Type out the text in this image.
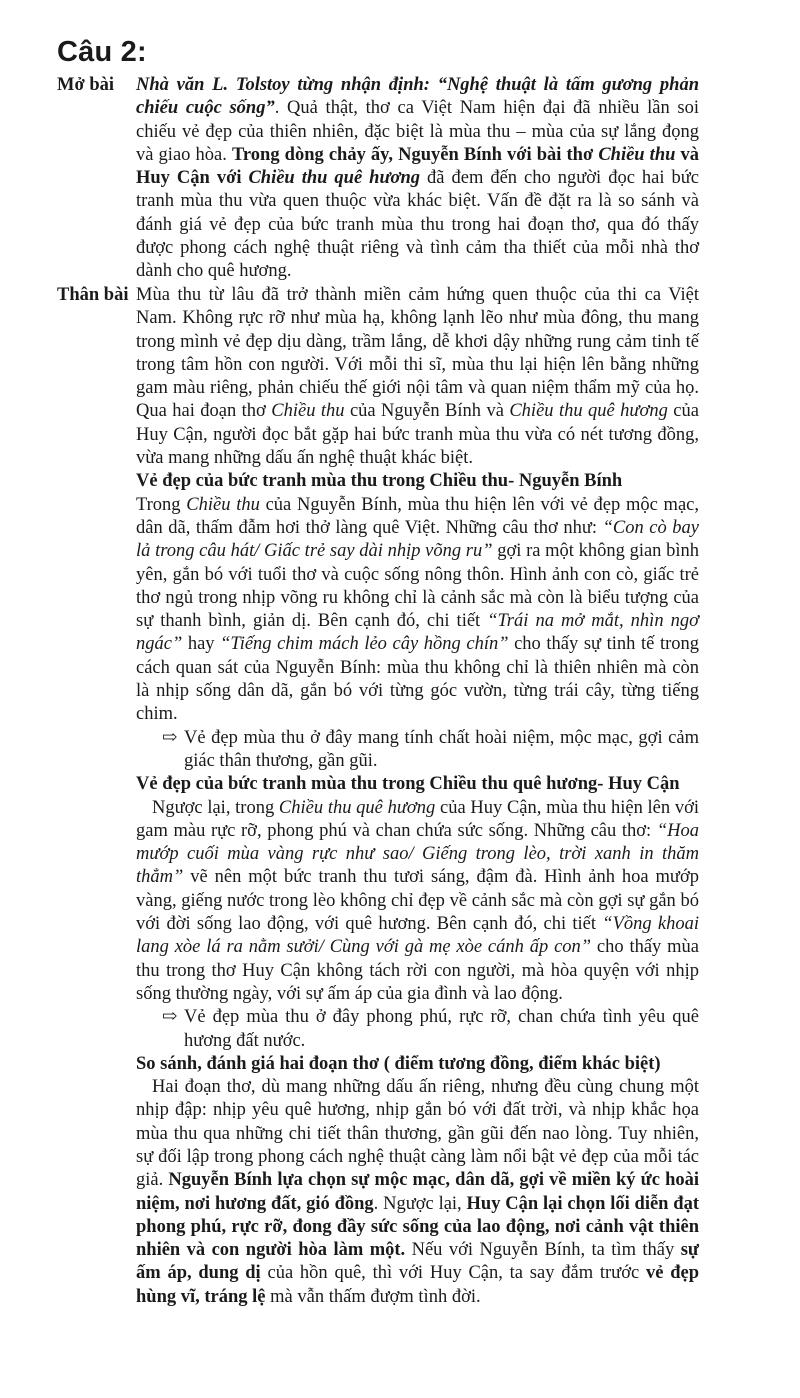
Câu 2:
Mở bài Nhà văn L. Tolstoy từng nhận định: “Nghệ thuật là tấm gương phản chiếu cuộc sống”. Quả thật, thơ ca Việt Nam hiện đại đã nhiều lần soi chiếu vẻ đẹp của thiên nhiên, đặc biệt là mùa thu – mùa của sự lắng đọng và giao hòa. Trong dòng chảy ấy, Nguyễn Bính với bài thơ Chiều thu và Huy Cận với Chiều thu quê hương đã đem đến cho người đọc hai bức tranh mùa thu vừa quen thuộc vừa khác biệt. Vấn đề đặt ra là so sánh và đánh giá vẻ đẹp của bức tranh mùa thu trong hai đoạn thơ, qua đó thấy được phong cách nghệ thuật riêng và tình cảm tha thiết của mỗi nhà thơ dành cho quê hương.

Thân bài Mùa thu từ lâu đã trở thành miền cảm hứng quen thuộc của thi ca Việt Nam. Không rực rỡ như mùa hạ, không lạnh lẽo như mùa đông, thu mang trong mình vẻ đẹp dịu dàng, trầm lắng, dễ khơi dậy những rung cảm tinh tế trong tâm hồn con người. Với mỗi thi sĩ, mùa thu lại hiện lên bằng những gam màu riêng, phản chiếu thế giới nội tâm và quan niệm thẩm mỹ của họ. Qua hai đoạn thơ Chiều thu của Nguyễn Bính và Chiều thu quê hương của Huy Cận, người đọc bắt gặp hai bức tranh mùa thu vừa có nét tương đồng, vừa mang những dấu ấn nghệ thuật khác biệt.

Vẻ đẹp của bức tranh mùa thu trong Chiều thu- Nguyễn Bính

Trong Chiều thu của Nguyễn Bính, mùa thu hiện lên với vẻ đẹp mộc mạc, dân dã, thấm đẫm hơi thở làng quê Việt. Những câu thơ như: “Con cò bay lả trong câu hát/ Giấc trẻ say dài nhịp võng ru” gợi ra một không gian bình yên, gắn bó với tuổi thơ và cuộc sống nông thôn. Hình ảnh con cò, giấc trẻ thơ ngủ trong nhịp võng ru không chỉ là cảnh sắc mà còn là biểu tượng của sự thanh bình, giản dị. Bên cạnh đó, chi tiết “Trái na mở mắt, nhìn ngơ ngác” hay “Tiếng chim mách lẻo cây hồng chín” cho thấy sự tinh tế trong cách quan sát của Nguyễn Bính: mùa thu không chỉ là thiên nhiên mà còn là nhịp sống dân dã, gắn bó với từng góc vườn, từng trái cây, từng tiếng chim.

⇨ Vẻ đẹp mùa thu ở đây mang tính chất hoài niệm, mộc mạc, gợi cảm giác thân thương, gần gũi.

Vẻ đẹp của bức tranh mùa thu trong Chiều thu quê hương- Huy Cận

Ngược lại, trong Chiều thu quê hương của Huy Cận, mùa thu hiện lên với gam màu rực rỡ, phong phú và chan chứa sức sống. Những câu thơ: “Hoa mướp cuối mùa vàng rực như sao/ Giếng trong lèo, trời xanh in thăm thẳm” vẽ nên một bức tranh thu tươi sáng, đậm đà. Hình ảnh hoa mướp vàng, giếng nước trong lèo không chỉ đẹp về cảnh sắc mà còn gợi sự gắn bó với đời sống lao động, với quê hương. Bên cạnh đó, chi tiết “Vồng khoai lang xòe lá ra nằm sưởi/ Cùng với gà mẹ xòe cánh ấp con” cho thấy mùa thu trong thơ Huy Cận không tách rời con người, mà hòa quyện với nhịp sống thường ngày, với sự ấm áp của gia đình và lao động.

⇨ Vẻ đẹp mùa thu ở đây phong phú, rực rỡ, chan chứa tình yêu quê hương đất nước.

So sánh, đánh giá hai đoạn thơ ( điểm tương đồng, điểm khác biệt)

Hai đoạn thơ, dù mang những dấu ấn riêng, nhưng đều cùng chung một nhịp đập: nhịp yêu quê hương, nhịp gắn bó với đất trời, và nhịp khắc họa mùa thu qua những chi tiết thân thương, gần gũi đến nao lòng. Tuy nhiên, sự đối lập trong phong cách nghệ thuật càng làm nổi bật vẻ đẹp của mỗi tác giả. Nguyễn Bính lựa chọn sự mộc mạc, dân dã, gợi về miền ký ức hoài niệm, nơi hương đất, gió đồng. Ngược lại, Huy Cận lại chọn lối diễn đạt phong phú, rực rỡ, đong đầy sức sống của lao động, nơi cảnh vật thiên nhiên và con người hòa làm một. Nếu với Nguyễn Bính, ta tìm thấy sự ấm áp, dung dị của hồn quê, thì với Huy Cận, ta say đắm trước vẻ đẹp hùng vĩ, tráng lệ mà vẫn thấm đượm tình đời.
